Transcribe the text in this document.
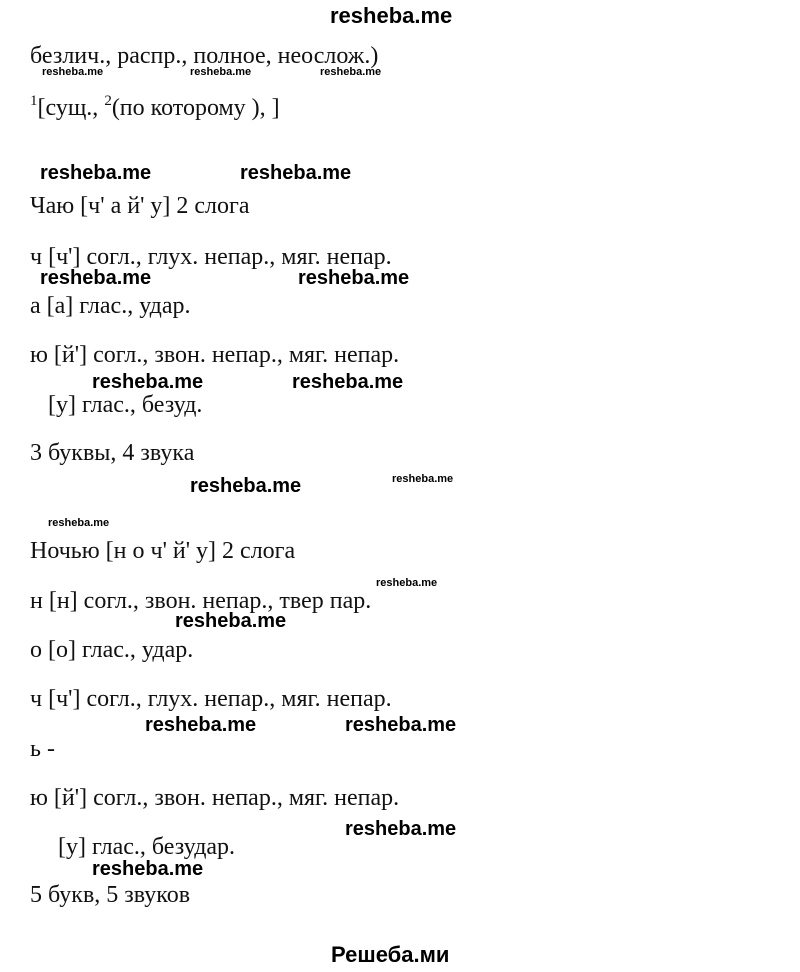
resheba.me

безлич., распр., полное, неослож.)

$^1$[сущ., $^2$(по которому ), ]

Чаю [ч' а й' у] 2 слога

ч [ч'] согл., глух. непар., мяг. непар.

а [а] глас., удар.

ю [й'] согл., звон. непар., мяг. непар.

[у] глас., безуд.

3 буквы, 4 звука

Ночью [н о ч' й' у] 2 слога

н [н] согл., звон. непар., твер пар.

о [о] глас., удар.

ч [ч'] согл., глух. непар., мяг. непар.

ь -

ю [й'] согл., звон. непар., мяг. непар.

[у] глас., безудар.

5 букв, 5 звуков

resheba.me	resheba.me	resheba.me
resheba.me	resheba.me
resheba.me	resheba.me
resheba.me	resheba.me
resheba.me	resheba.me
resheba.me
resheba.me
resheba.me
resheba.me	resheba.me
resheba.me
resheba.me
Решеба.ми
